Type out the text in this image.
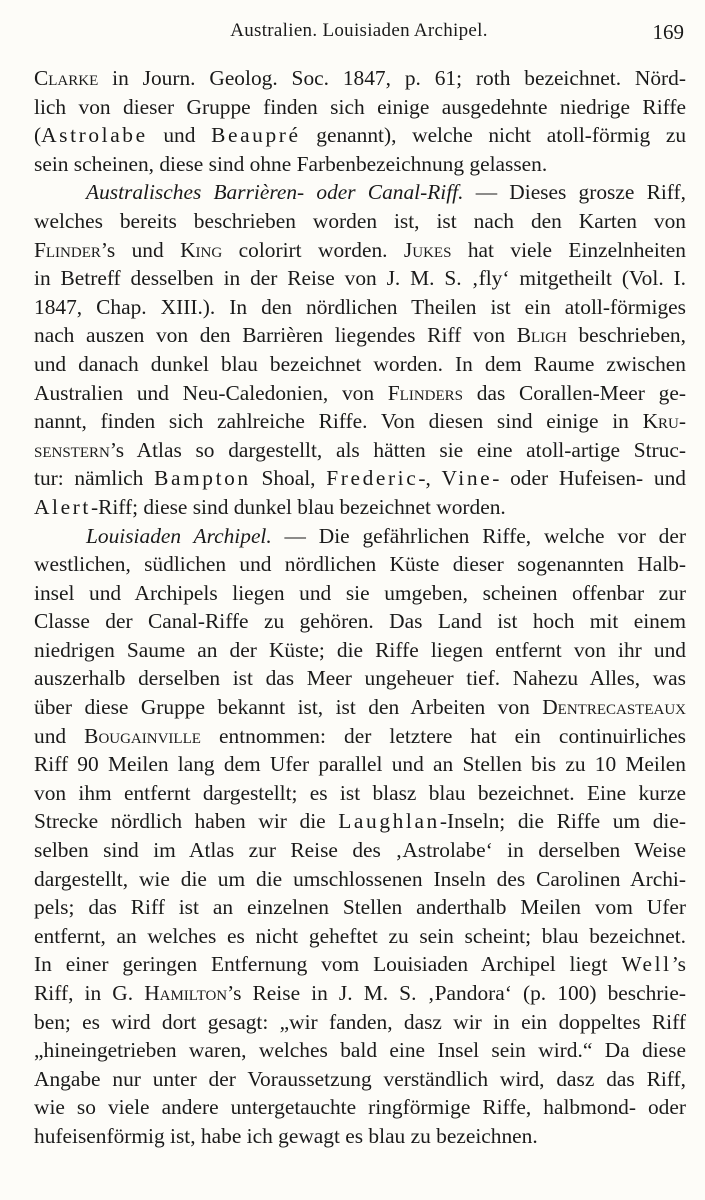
Australien. Louisiaden Archipel.	169
Clarke in Journ. Geolog. Soc. 1847, p. 61; roth bezeichnet. Nörd-
lich von dieser Gruppe finden sich einige ausgedehnte niedrige Riffe
(Astrolabe und Beaupré genannt), welche nicht atoll-förmig zu
sein scheinen, diese sind ohne Farbenbezeichnung gelassen.
Australisches Barrièren- oder Canal-Riff. — Dieses grosze Riff,
welches bereits beschrieben worden ist, ist nach den Karten von
Flinder’s und King colorirt worden. Jukes hat viele Einzelnheiten
in Betreff desselben in der Reise von J. M. S. ‚fly‘ mitgetheilt (Vol. I.
1847, Chap. XIII.). In den nördlichen Theilen ist ein atoll-förmiges
nach auszen von den Barrièren liegendes Riff von Bligh beschrieben,
und danach dunkel blau bezeichnet worden. In dem Raume zwischen
Australien und Neu-Caledonien, von Flinders das Corallen-Meer ge-
nannt, finden sich zahlreiche Riffe. Von diesen sind einige in Kru-
senstern’s Atlas so dargestellt, als hätten sie eine atoll-artige Struc-
tur: nämlich Bampton Shoal, Frederic-, Vine- oder Hufeisen- und
Alert-Riff; diese sind dunkel blau bezeichnet worden.
Louisiaden Archipel. — Die gefährlichen Riffe, welche vor der
westlichen, südlichen und nördlichen Küste dieser sogenannten Halb-
insel und Archipels liegen und sie umgeben, scheinen offenbar zur
Classe der Canal-Riffe zu gehören. Das Land ist hoch mit einem
niedrigen Saume an der Küste; die Riffe liegen entfernt von ihr und
auszerhalb derselben ist das Meer ungeheuer tief. Nahezu Alles, was
über diese Gruppe bekannt ist, ist den Arbeiten von Dentrecasteaux
und Bougainville entnommen: der letztere hat ein continuirliches
Riff 90 Meilen lang dem Ufer parallel und an Stellen bis zu 10 Meilen
von ihm entfernt dargestellt; es ist blasz blau bezeichnet. Eine kurze
Strecke nördlich haben wir die Laughlan-Inseln; die Riffe um die-
selben sind im Atlas zur Reise des ‚Astrolabe‘ in derselben Weise
dargestellt, wie die um die umschlossenen Inseln des Carolinen Archi-
pels; das Riff ist an einzelnen Stellen anderthalb Meilen vom Ufer
entfernt, an welches es nicht geheftet zu sein scheint; blau bezeichnet.
In einer geringen Entfernung vom Louisiaden Archipel liegt Well’s
Riff, in G. Hamilton’s Reise in J. M. S. ‚Pandora‘ (p. 100) beschrie-
ben; es wird dort gesagt: „wir fanden, dasz wir in ein doppeltes Riff
„hineingetrieben waren, welches bald eine Insel sein wird.“ Da diese
Angabe nur unter der Voraussetzung verständlich wird, dasz das Riff,
wie so viele andere untergetauchte ringförmige Riffe, halbmond- oder
hufeisenförmig ist, habe ich gewagt es blau zu bezeichnen.
